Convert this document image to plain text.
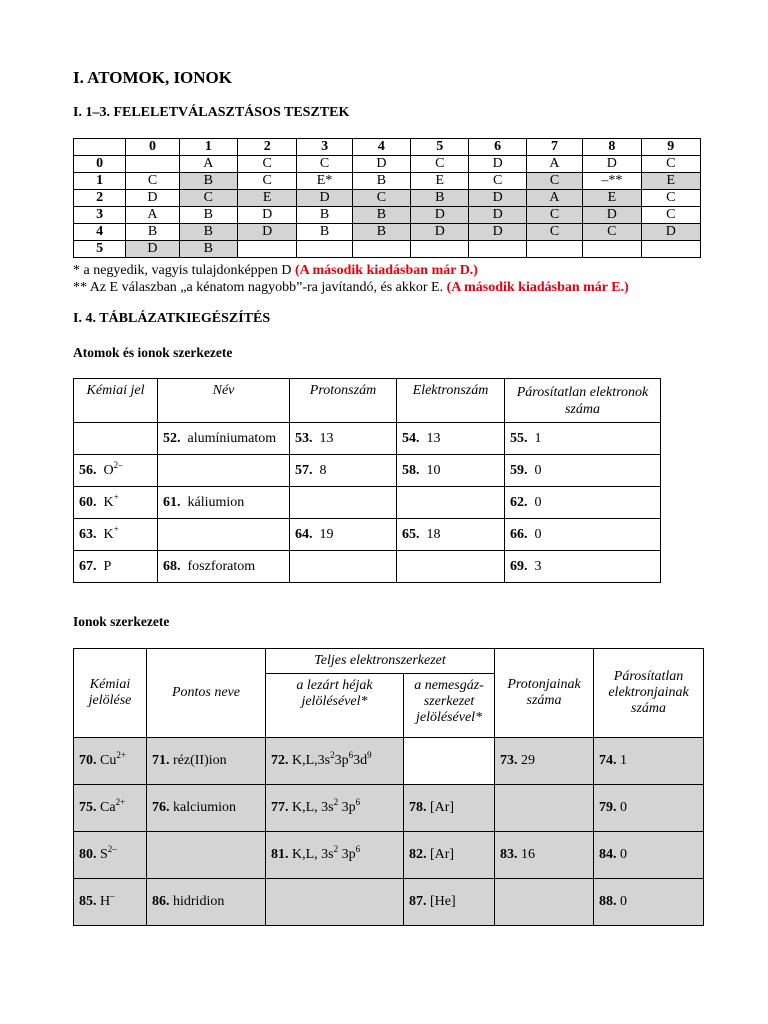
I. ATOMOK, IONOK
I. 1–3. FELELETVÁLASZTÁSOS TESZTEK
	0	1	2	3	4	5	6	7	8	9
0		A	C	C	D	C	D	A	D	C
1	C	B	C	E*	B	E	C	C	–**	E
2	D	C	E	D	C	B	D	A	E	C
3	A	B	D	B	B	D	D	C	D	C
4	B	B	D	B	B	D	D	C	C	D
5	D	B								
* a negyedik, vagyis tulajdonképpen D (A második kiadásban már D.)
** Az E válaszban „a kénatom nagyobb”-ra javítandó, és akkor E. (A második kiadásban már E.)
I. 4. TÁBLÁZATKIEGÉSZÍTÉS
Atomok és ionok szerkezete
Kémiai jel	Név	Protonszám	Elektronszám	Párosítatlan elektronok száma
	52. alumíniumatom	53. 13	54. 13	55. 1
56. $O^{2-}$		57. 8	58. 10	59. 0
60. K+	61. káliumion			62. 0
63. K+		64. 19	65. 18	66. 0
67. P	68. foszforatom			69. 3
Ionok szerkezete
Kémiai jelölése	Pontos neve	Teljes elektronszerkezet		Protonjainak száma	Párosítatlan elektronjainak száma
		a lezárt héjak jelölésével*	a nemesgáz-szerkezet jelölésével*		
70. $Cu^{2+}$	71. réz(II)ion	72. $K,L,3s^23p^63d^9$		73. 29	74. 1
75. $Ca^{2+}$	76. kalciumion	77. K,L, $3s^2$ $3p^6$	78. [Ar]		79. 0
80. $S^{2-}$		81. K,L, $3s^2$ $3p^6$	82. [Ar]	83. 16	84. 0
85. H–	86. hidridion		87. [He]		88. 0
